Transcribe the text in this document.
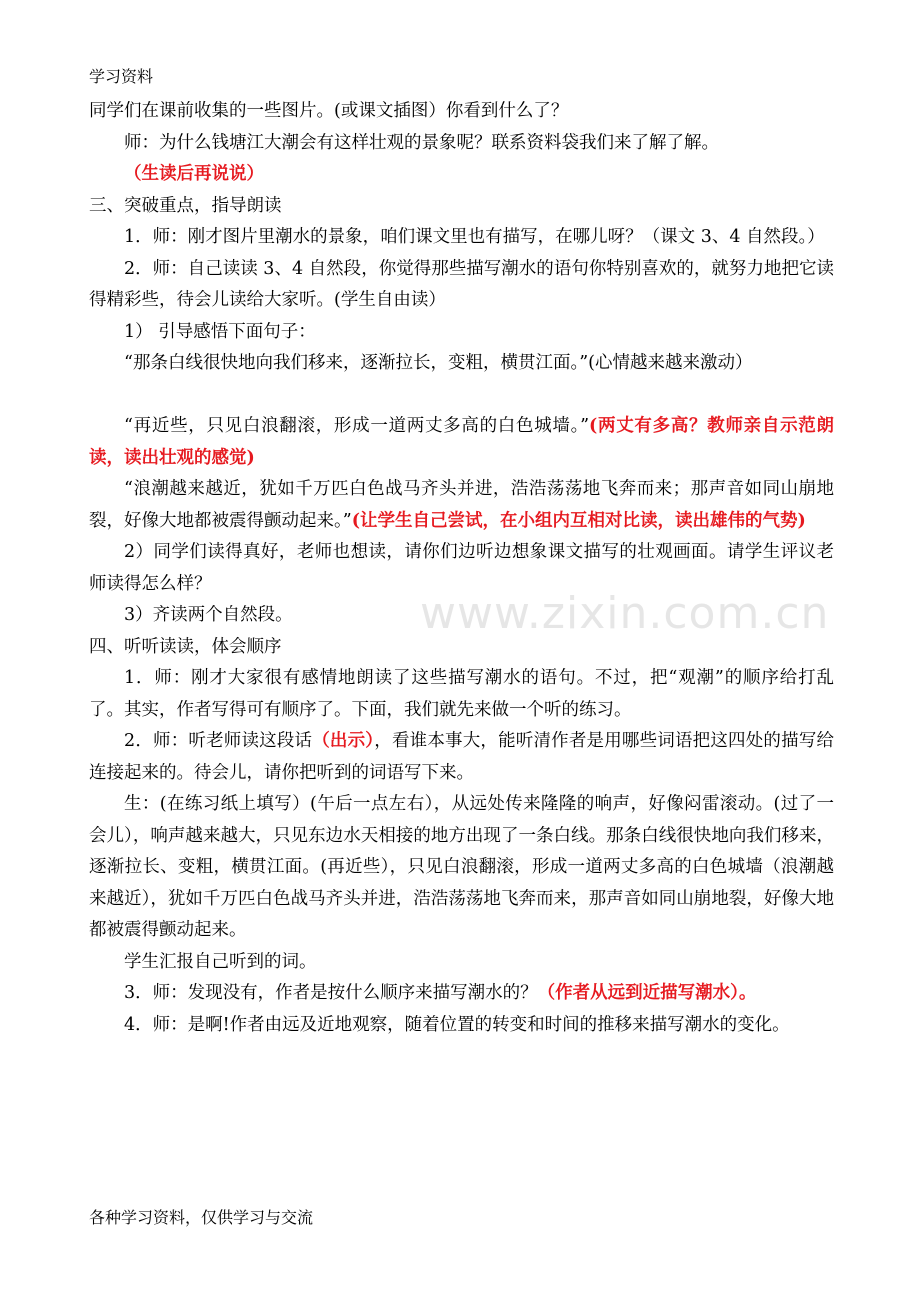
学习资料
www.zixin.com.cn

同学们在课前收集的一些图片。(或课文插图）你看到什么了？

师：为什么钱塘江大潮会有这样壮观的景象呢？联系资料袋我们来了解了解。

（生读后再说说）

三、突破重点，指导朗读

1．师：刚才图片里潮水的景象，咱们课文里也有描写，在哪儿呀？（课文 3、4 自然段。）

2．师：自己读读 3、4 自然段，你觉得那些描写潮水的语句你特别喜欢的，就努力地把它读得精彩些，待会儿读给大家听。(学生自由读）

1） 引导感悟下面句子：

“那条白线很快地向我们移来，逐渐拉长，变粗，横贯江面。”(心情越来越来激动）

“再近些，只见白浪翻滚，形成一道两丈多高的白色城墙。”(两丈有多高？教师亲自示范朗读，读出壮观的感觉)

“浪潮越来越近，犹如千万匹白色战马齐头并进，浩浩荡荡地飞奔而来；那声音如同山崩地裂，好像大地都被震得颤动起来。”(让学生自己尝试，在小组内互相对比读，读出雄伟的气势)

2）同学们读得真好，老师也想读，请你们边听边想象课文描写的壮观画面。请学生评议老师读得怎么样？

3）齐读两个自然段。

四、听听读读，体会顺序

1．师：刚才大家很有感情地朗读了这些描写潮水的语句。不过，把“观潮”的顺序给打乱了。其实，作者写得可有顺序了。下面，我们就先来做一个听的练习。

2．师：听老师读这段话（出示），看谁本事大，能听清作者是用哪些词语把这四处的描写给连接起来的。待会儿，请你把听到的词语写下来。

生：(在练习纸上填写）(午后一点左右），从远处传来隆隆的响声，好像闷雷滚动。(过了一会儿），响声越来越大，只见东边水天相接的地方出现了一条白线。那条白线很快地向我们移来，逐渐拉长、变粗，横贯江面。(再近些），只见白浪翻滚，形成一道两丈多高的白色城墙（浪潮越来越近），犹如千万匹白色战马齐头并进，浩浩荡荡地飞奔而来，那声音如同山崩地裂，好像大地都被震得颤动起来。

学生汇报自己听到的词。

3．师：发现没有，作者是按什么顺序来描写潮水的？（作者从远到近描写潮水）。

4．师：是啊!作者由远及近地观察，随着位置的转变和时间的推移来描写潮水的变化。

各种学习资料，仅供学习与交流
